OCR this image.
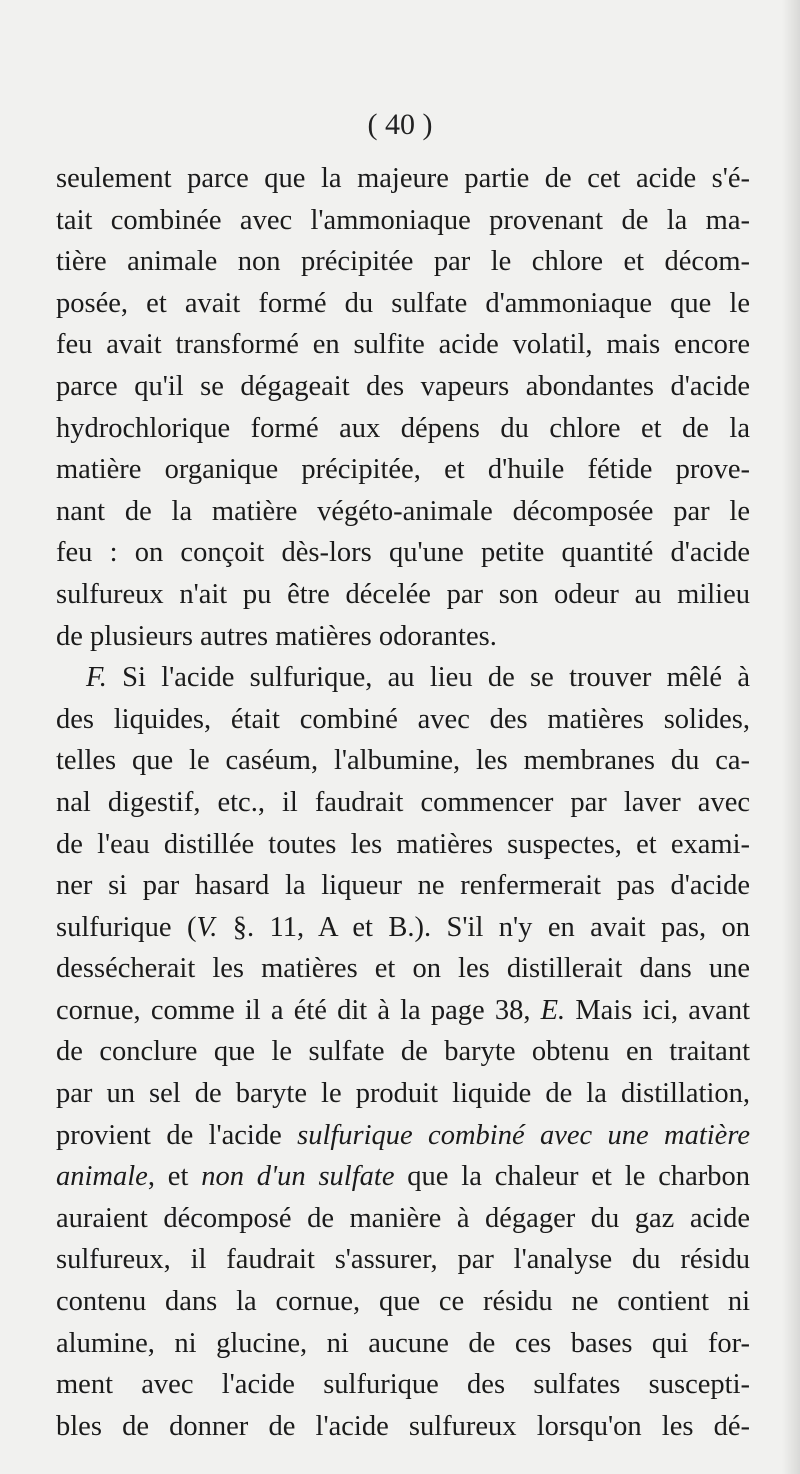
( 40 )
seulement parce que la majeure partie de cet acide s'é-
tait combinée avec l'ammoniaque provenant de la ma-
tière animale non précipitée par le chlore et décom-
posée, et avait formé du sulfate d'ammoniaque que le
feu avait transformé en sulfite acide volatil, mais encore
parce qu'il se dégageait des vapeurs abondantes d'acide
hydrochlorique formé aux dépens du chlore et de la
matière organique précipitée, et d'huile fétide prove-
nant de la matière végéto-animale décomposée par le
feu : on conçoit dès-lors qu'une petite quantité d'acide
sulfureux n'ait pu être décelée par son odeur au milieu
de plusieurs autres matières odorantes.
F. Si l'acide sulfurique, au lieu de se trouver mêlé à
des liquides, était combiné avec des matières solides,
telles que le caséum, l'albumine, les membranes du ca-
nal digestif, etc., il faudrait commencer par laver avec
de l'eau distillée toutes les matières suspectes, et exami-
ner si par hasard la liqueur ne renfermerait pas d'acide
sulfurique (V. §. 11, A et B.). S'il n'y en avait pas, on
dessécherait les matières et on les distillerait dans une
cornue, comme il a été dit à la page 38, E. Mais ici, avant
de conclure que le sulfate de baryte obtenu en traitant
par un sel de baryte le produit liquide de la distillation,
provient de l'acide sulfurique combiné avec une matière
animale, et non d'un sulfate que la chaleur et le charbon
auraient décomposé de manière à dégager du gaz acide
sulfureux, il faudrait s'assurer, par l'analyse du résidu
contenu dans la cornue, que ce résidu ne contient ni
alumine, ni glucine, ni aucune de ces bases qui for-
ment avec l'acide sulfurique des sulfates suscepti-
bles de donner de l'acide sulfureux lorsqu'on les dé-
